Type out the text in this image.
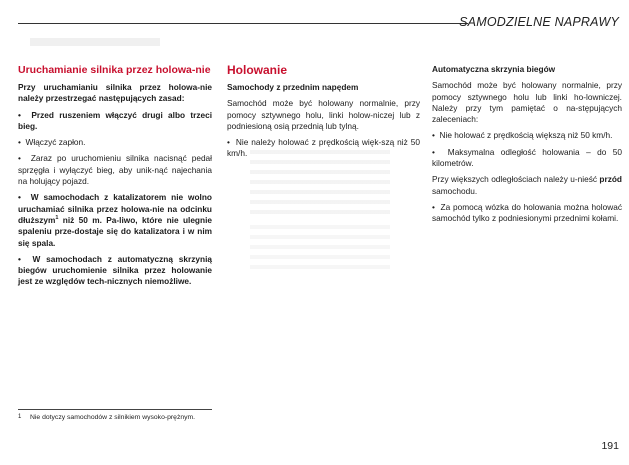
SAMODZIELNE NAPRAWY
Uruchamianie silnika przez holowa-nie

Przy uruchamianiu silnika przez holowa-nie należy przestrzegać następujących zasad:

•  Przed ruszeniem włączyć drugi albo trzeci bieg.

•  Włączyć zapłon.

•  Zaraz po uruchomieniu silnika nacisnąć pedał sprzęgła i wyłączyć bieg, aby unik-nąć najechania na holujący pojazd.

•  W samochodach z katalizatorem nie wolno uruchamiać silnika przez holowa-nie na odcinku dłuższym$^1$ niż 50 m. Pa-liwo, które nie ulegnie spaleniu prze-dostaje się do katalizatora i w nim się spala.

•  W samochodach z automatyczną skrzynią biegów uruchomienie silnika przez holowanie jest ze względów tech-nicznych niemożliwe.

Holowanie

Samochody z przednim napędem

Samochód może być holowany normalnie, przy pomocy sztywnego holu, linki holow-niczej lub z podniesioną osią przednią lub tylną.

•  Nie należy holować z prędkością więk-szą niż 50 km/h.

Automatyczna skrzynia biegów

Samochód może być holowany normalnie, przy pomocy sztywnego holu lub linki ho-lowniczej. Należy przy tym pamiętać o na-stępujących zaleceniach:

•  Nie holować z prędkością większą niż 50 km/h.

•  Maksymalna odległość holowania – do 50 kilometrów.

Przy większych odległościach należy u-nieść przód samochodu.

•  Za pomocą wózka do holowania można holować samochód tylko z podniesionymi przednimi kołami.

1	Nie dotyczy samochodów z silnikiem wysoko-prężnym.
191
